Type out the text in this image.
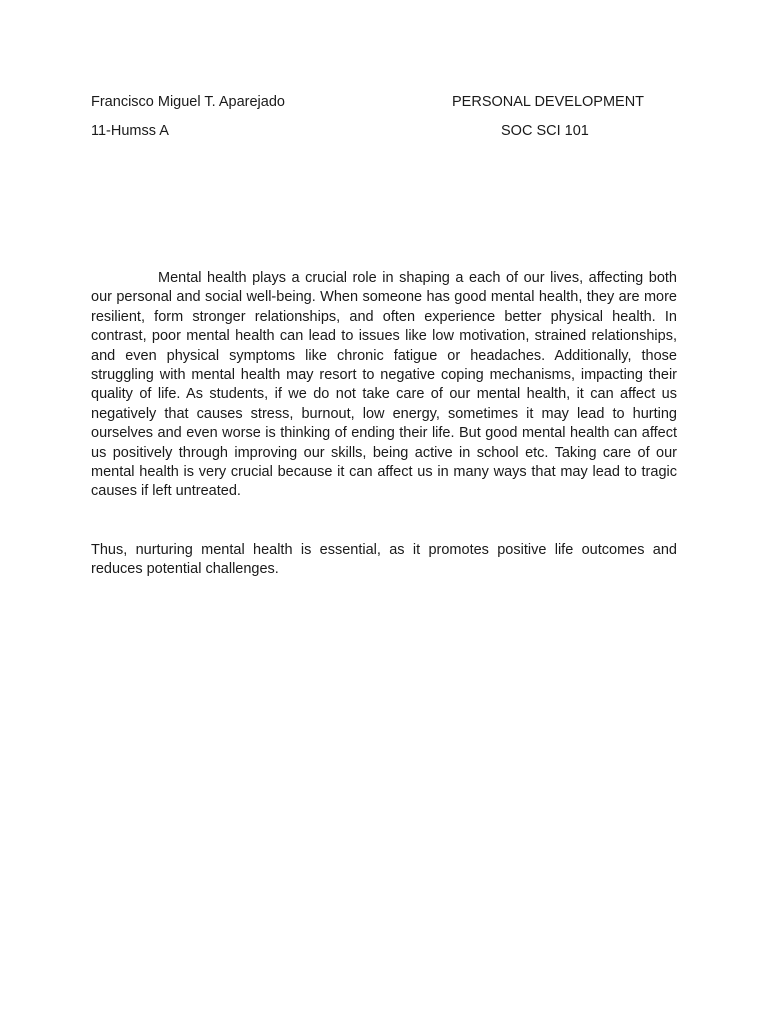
Francisco Miguel T. Aparejado	PERSONAL DEVELOPMENT
11-Humss A	SOC SCI 101

Mental health plays a crucial role in shaping a each of our lives, affecting both our personal and social well-being. When someone has good mental health, they are more resilient, form stronger relationships, and often experience better physical health. In contrast, poor mental health can lead to issues like low motivation, strained relationships, and even physical symptoms like chronic fatigue or headaches. Additionally, those struggling with mental health may resort to negative coping mechanisms, impacting their quality of life. As students, if we do not take care of our mental health, it can affect us negatively that causes stress, burnout, low energy, sometimes it may lead to hurting ourselves and even worse is thinking of ending their life. But good mental health can affect us positively through improving our skills, being active in school etc. Taking care of our mental health is very crucial because it can affect us in many ways that may lead to tragic causes if left untreated.

Thus, nurturing mental health is essential, as it promotes positive life outcomes and reduces potential challenges.
